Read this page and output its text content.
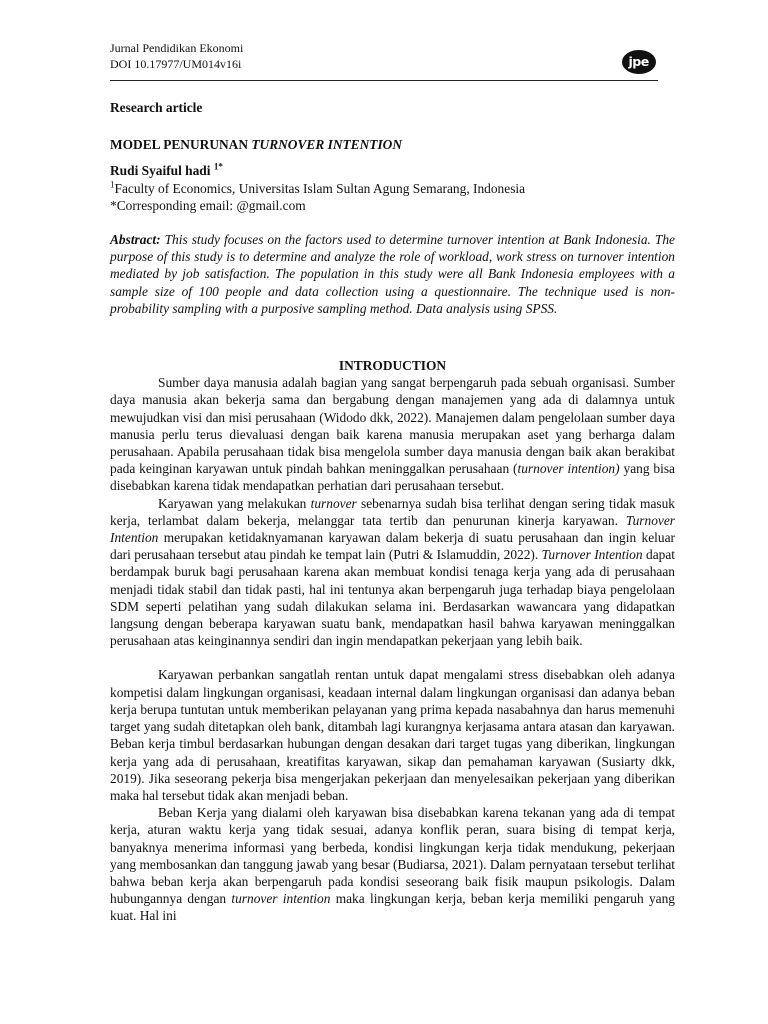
Jurnal Pendidikan Ekonomi
DOI 10.17977/UM014v16i	jpe
Research article
MODEL PENURUNAN TURNOVER INTENTION
Rudi Syaiful hadi $^{1*}$
$^1$Faculty of Economics, Universitas Islam Sultan Agung Semarang, Indonesia
*Corresponding email: @gmail.com
Abstract: This study focuses on the factors used to determine turnover intention at Bank Indonesia. The purpose of this study is to determine and analyze the role of workload, work stress on turnover intention mediated by job satisfaction. The population in this study were all Bank Indonesia employees with a sample size of 100 people and data collection using a questionnaire. The technique used is non-probability sampling with a purposive sampling method. Data analysis using SPSS.
INTRODUCTION

Sumber daya manusia adalah bagian yang sangat berpengaruh pada sebuah organisasi. Sumber daya manusia akan bekerja sama dan bergabung dengan manajemen yang ada di dalamnya untuk mewujudkan visi dan misi perusahaan (Widodo dkk, 2022). Manajemen dalam pengelolaan sumber daya manusia perlu terus dievaluasi dengan baik karena manusia merupakan aset yang berharga dalam perusahaan. Apabila perusahaan tidak bisa mengelola sumber daya manusia dengan baik akan berakibat pada keinginan karyawan untuk pindah bahkan meninggalkan perusahaan (turnover intention) yang bisa disebabkan karena tidak mendapatkan perhatian dari perusahaan tersebut.

Karyawan yang melakukan turnover sebenarnya sudah bisa terlihat dengan sering tidak masuk kerja, terlambat dalam bekerja, melanggar tata tertib dan penurunan kinerja karyawan. Turnover Intention merupakan ketidaknyamanan karyawan dalam bekerja di suatu perusahaan dan ingin keluar dari perusahaan tersebut atau pindah ke tempat lain (Putri & Islamuddin, 2022). Turnover Intention dapat berdampak buruk bagi perusahaan karena akan membuat kondisi tenaga kerja yang ada di perusahaan menjadi tidak stabil dan tidak pasti, hal ini tentunya akan berpengaruh juga terhadap biaya pengelolaan SDM seperti pelatihan yang sudah dilakukan selama ini. Berdasarkan wawancara yang didapatkan langsung dengan beberapa karyawan suatu bank, mendapatkan hasil bahwa karyawan meninggalkan perusahaan atas keinginannya sendiri dan ingin mendapatkan pekerjaan yang lebih baik.

Karyawan perbankan sangatlah rentan untuk dapat mengalami stress disebabkan oleh adanya kompetisi dalam lingkungan organisasi, keadaan internal dalam lingkungan organisasi dan adanya beban kerja berupa tuntutan untuk memberikan pelayanan yang prima kepada nasabahnya dan harus memenuhi target yang sudah ditetapkan oleh bank, ditambah lagi kurangnya kerjasama antara atasan dan karyawan. Beban kerja timbul berdasarkan hubungan dengan desakan dari target tugas yang diberikan, lingkungan kerja yang ada di perusahaan, kreatifitas karyawan, sikap dan pemahaman karyawan (Susiarty dkk, 2019). Jika seseorang pekerja bisa mengerjakan pekerjaan dan menyelesaikan pekerjaan yang diberikan maka hal tersebut tidak akan menjadi beban.

Beban Kerja yang dialami oleh karyawan bisa disebabkan karena tekanan yang ada di tempat kerja, aturan waktu kerja yang tidak sesuai, adanya konflik peran, suara bising di tempat kerja, banyaknya menerima informasi yang berbeda, kondisi lingkungan kerja tidak mendukung, pekerjaan yang membosankan dan tanggung jawab yang besar (Budiarsa, 2021). Dalam pernyataan tersebut terlihat bahwa beban kerja akan berpengaruh pada kondisi seseorang baik fisik maupun psikologis. Dalam hubungannya dengan turnover intention maka lingkungan kerja, beban kerja memiliki pengaruh yang kuat. Hal ini
